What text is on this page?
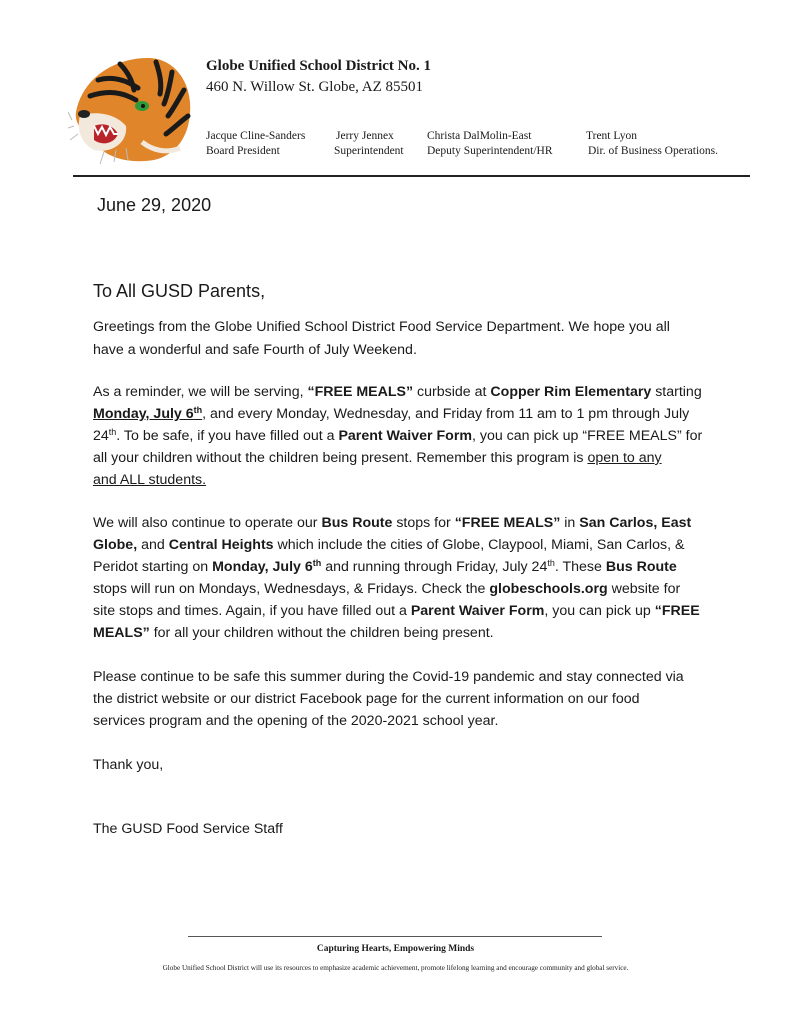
Globe Unified School District No. 1
460 N. Willow St. Globe, AZ 85501
Jacque Cline-Sanders
Board President
Jerry Jennex
Superintendent
Christa DalMolin-East
Deputy Superintendent/HR
Trent Lyon
Dir. of Business Operations.
June 29, 2020
To All GUSD Parents,
Greetings from the Globe Unified School District Food Service Department. We hope you all
have a wonderful and safe Fourth of July Weekend.
As a reminder, we will be serving, “FREE MEALS” curbside at Copper Rim Elementary starting
Monday, July 6th, and every Monday, Wednesday, and Friday from 11 am to 1 pm through July
24th. To be safe, if you have filled out a Parent Waiver Form, you can pick up “FREE MEALS” for
all your children without the children being present. Remember this program is open to any
and ALL students.
We will also continue to operate our Bus Route stops for “FREE MEALS” in San Carlos, East
Globe, and Central Heights which include the cities of Globe, Claypool, Miami, San Carlos, &
Peridot starting on Monday, July 6th and running through Friday, July 24th. These Bus Route
stops will run on Mondays, Wednesdays, & Fridays. Check the globeschools.org website for
site stops and times. Again, if you have filled out a Parent Waiver Form, you can pick up “FREE
MEALS” for all your children without the children being present.
Please continue to be safe this summer during the Covid-19 pandemic and stay connected via
the district website or our district Facebook page for the current information on our food
services program and the opening of the 2020-2021 school year.
Thank you,
The GUSD Food Service Staff
Capturing Hearts, Empowering Minds
Globe Unified School District will use its resources to emphasize academic achievement, promote lifelong learning and encourage community and global service.
